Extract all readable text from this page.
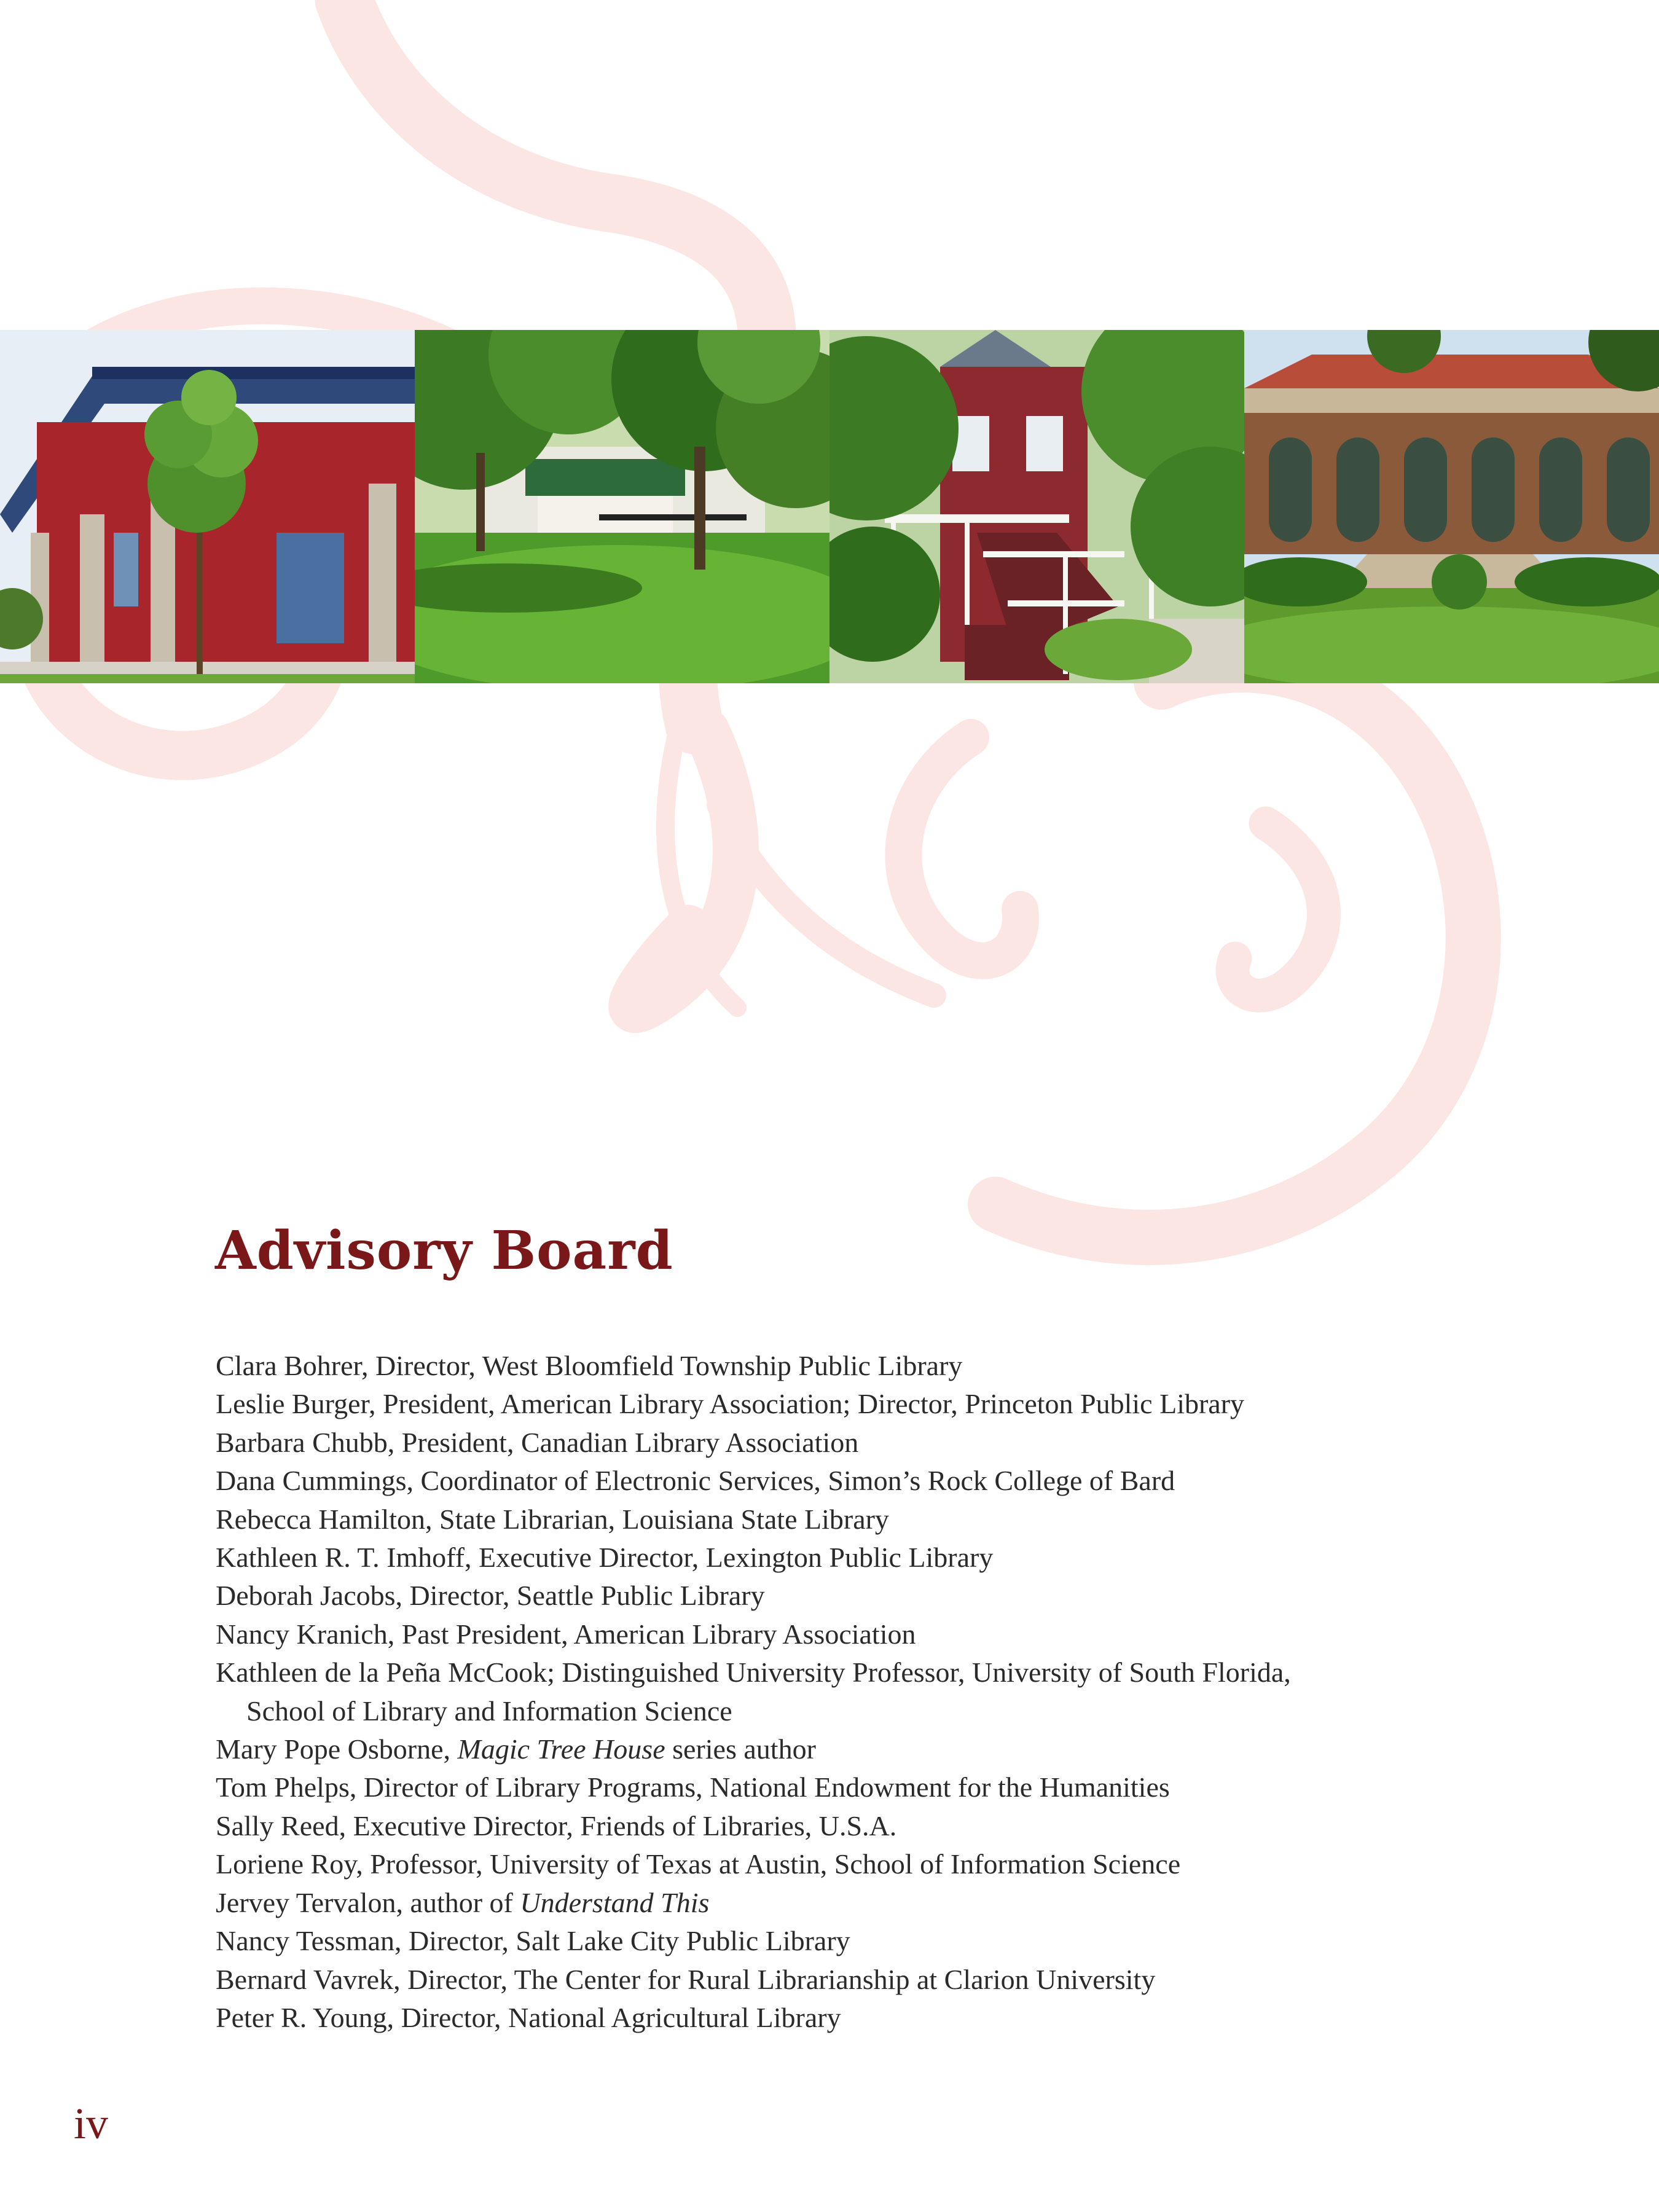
Advisory Board
Clara Bohrer, Director, West Bloomfield Township Public Library
Leslie Burger, President, American Library Association; Director, Princeton Public Library
Barbara Chubb, President, Canadian Library Association
Dana Cummings, Coordinator of Electronic Services, Simon’s Rock College of Bard
Rebecca Hamilton, State Librarian, Louisiana State Library
Kathleen R. T. Imhoff, Executive Director, Lexington Public Library
Deborah Jacobs, Director, Seattle Public Library
Nancy Kranich, Past President, American Library Association
Kathleen de la Peña McCook; Distinguished University Professor, University of South Florida,
School of Library and Information Science
Mary Pope Osborne, Magic Tree House series author
Tom Phelps, Director of Library Programs, National Endowment for the Humanities
Sally Reed, Executive Director, Friends of Libraries, U.S.A.
Loriene Roy, Professor, University of Texas at Austin, School of Information Science
Jervey Tervalon, author of Understand This
Nancy Tessman, Director, Salt Lake City Public Library
Bernard Vavrek, Director, The Center for Rural Librarianship at Clarion University
Peter R. Young, Director, National Agricultural Library
iv
